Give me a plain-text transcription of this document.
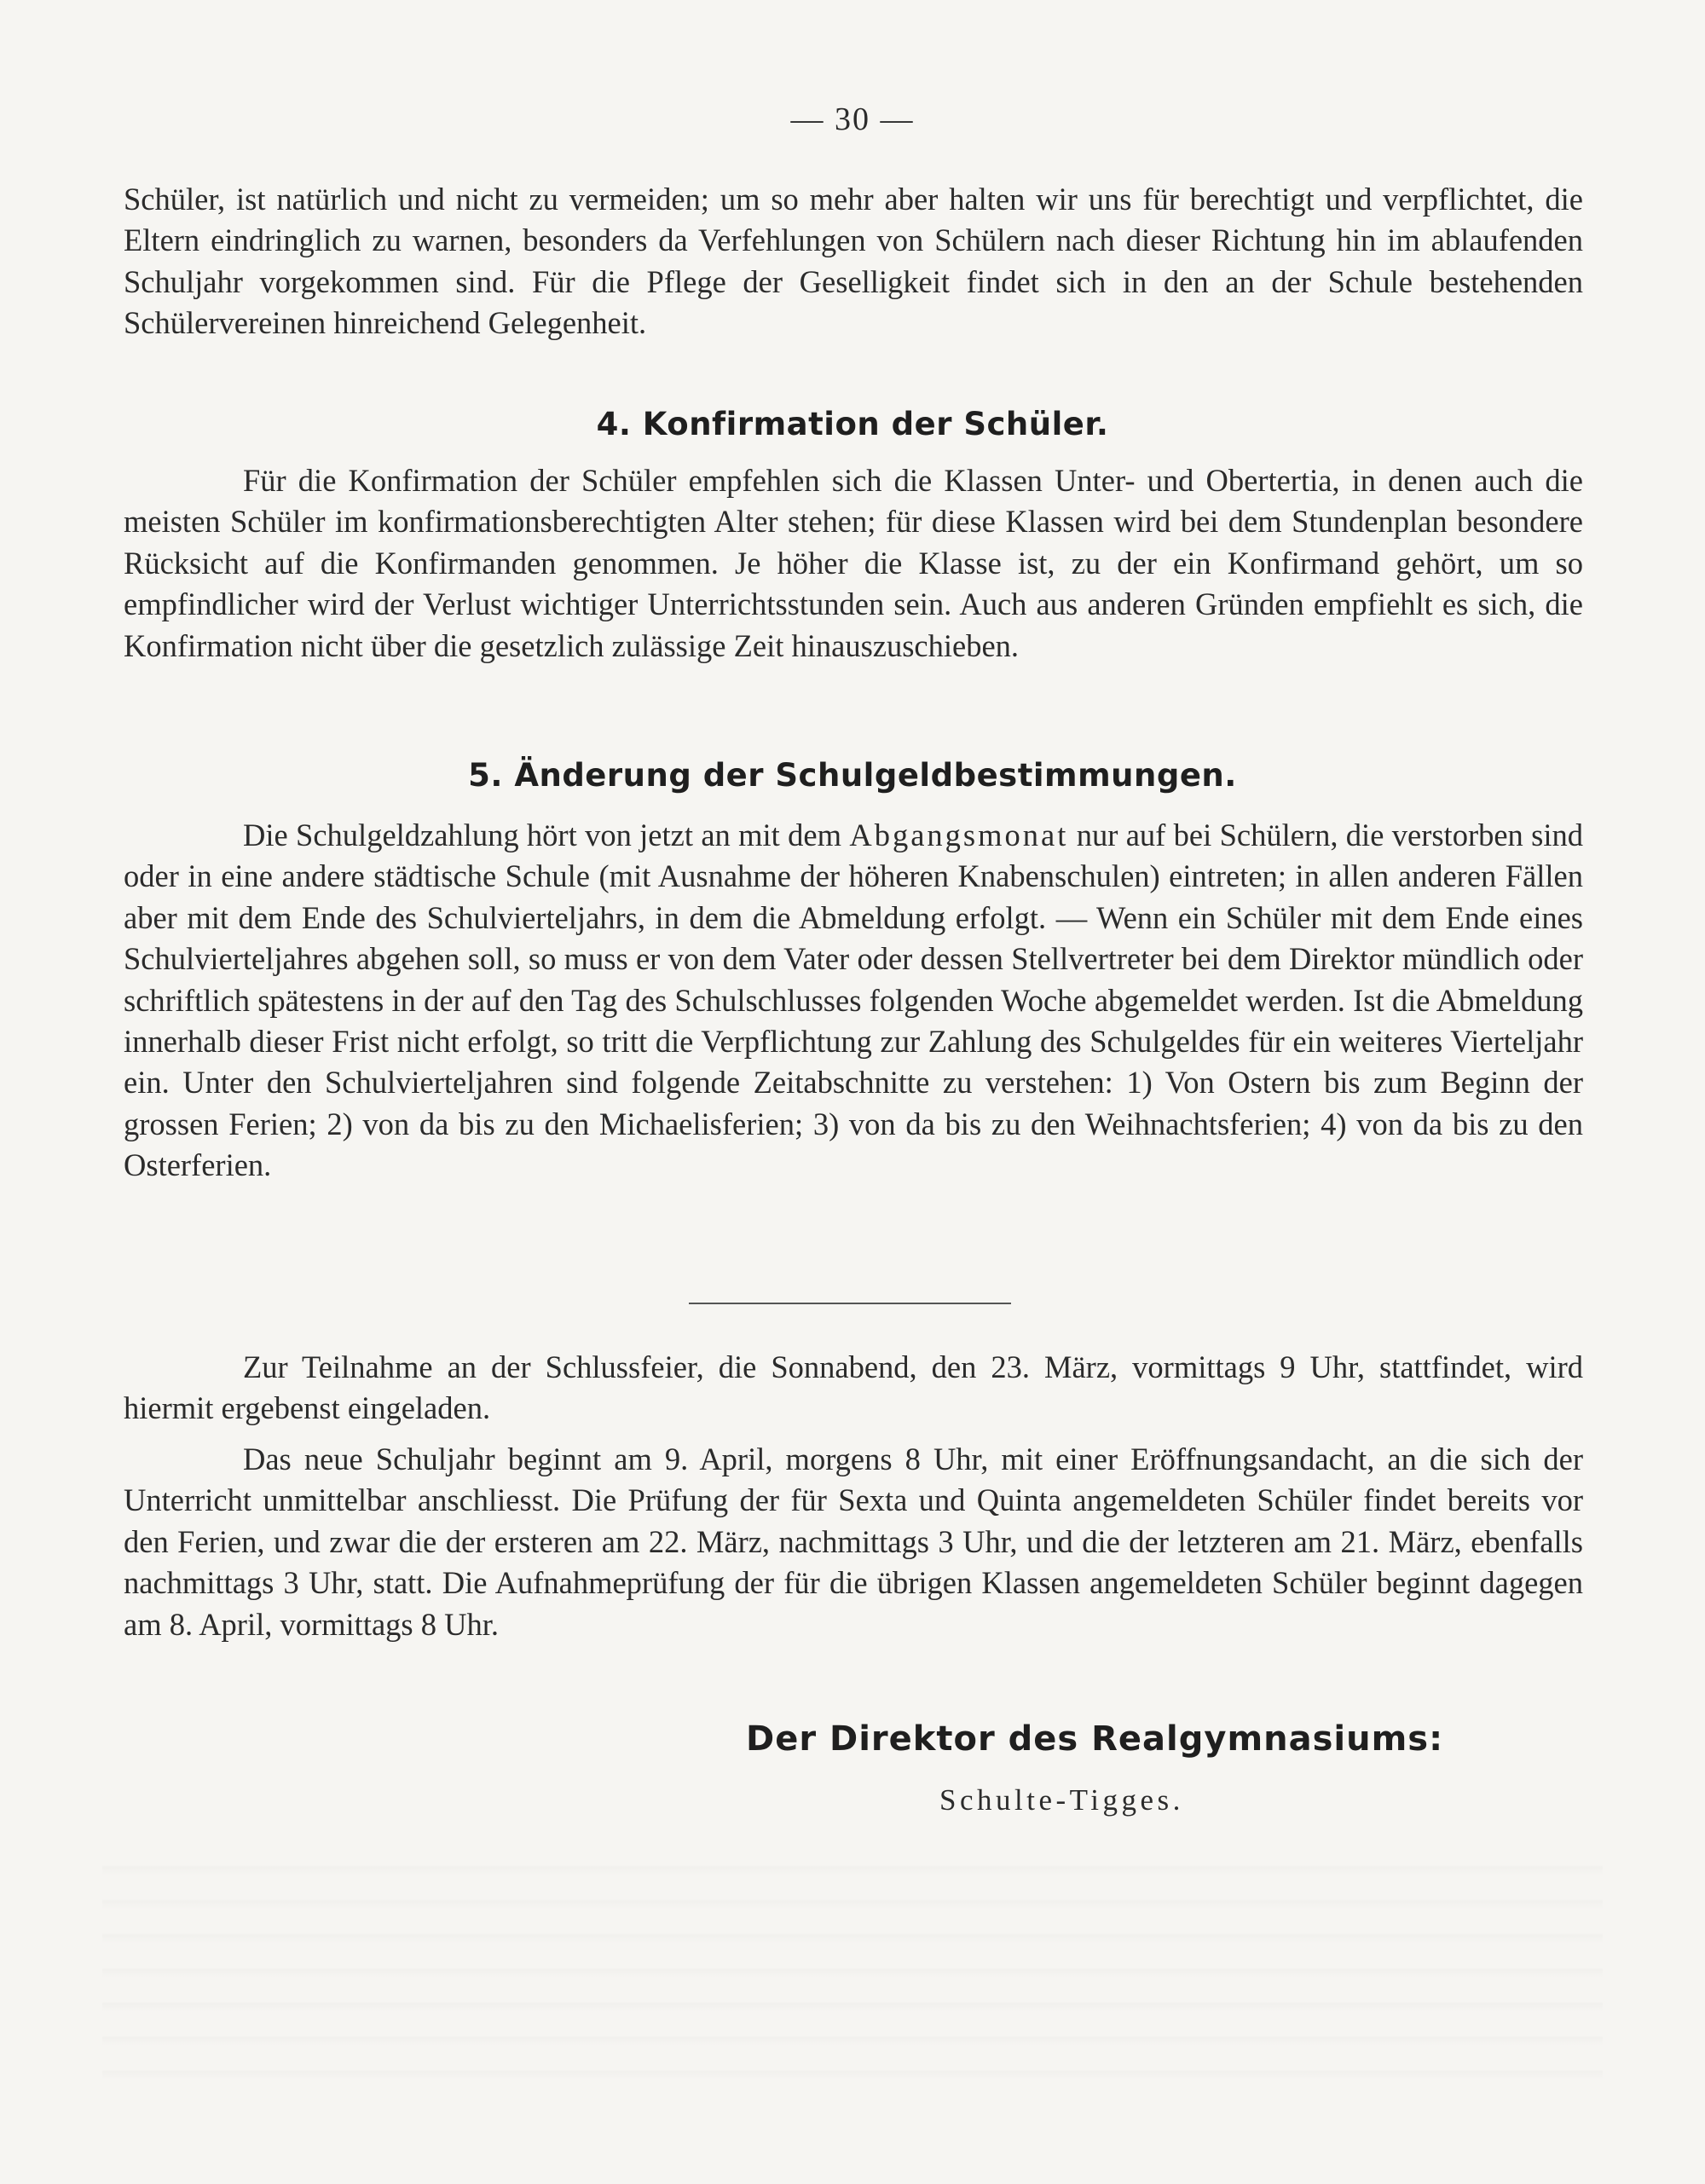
— 30 —

Schüler, ist natürlich und nicht zu vermeiden; um so mehr aber halten wir uns für berechtigt und verpflichtet, die Eltern eindringlich zu warnen, besonders da Verfehlungen von Schülern nach dieser Richtung hin im ablaufenden Schuljahr vorgekommen sind. Für die Pflege der Geselligkeit findet sich in den an der Schule bestehenden Schülervereinen hinreichend Gelegenheit.

4. Konfirmation der Schüler.

Für die Konfirmation der Schüler empfehlen sich die Klassen Unter- und Obertertia, in denen auch die meisten Schüler im konfirmationsberechtigten Alter stehen; für diese Klassen wird bei dem Stundenplan besondere Rücksicht auf die Konfirmanden genommen. Je höher die Klasse ist, zu der ein Konfirmand gehört, um so empfindlicher wird der Verlust wichtiger Unterrichtsstunden sein. Auch aus anderen Gründen empfiehlt es sich, die Konfirmation nicht über die gesetzlich zulässige Zeit hinauszuschieben.

5. Änderung der Schulgeldbestimmungen.

Die Schulgeldzahlung hört von jetzt an mit dem Abgangsmonat nur auf bei Schülern, die verstorben sind oder in eine andere städtische Schule (mit Ausnahme der höheren Knabenschulen) eintreten; in allen anderen Fällen aber mit dem Ende des Schulvierteljahrs, in dem die Abmeldung erfolgt. — Wenn ein Schüler mit dem Ende eines Schulvierteljahres abgehen soll, so muss er von dem Vater oder dessen Stellvertreter bei dem Direktor mündlich oder schriftlich spätestens in der auf den Tag des Schulschlusses folgenden Woche abgemeldet werden. Ist die Abmeldung innerhalb dieser Frist nicht erfolgt, so tritt die Verpflichtung zur Zahlung des Schulgeldes für ein weiteres Vierteljahr ein. Unter den Schulvierteljahren sind folgende Zeitabschnitte zu verstehen: 1) Von Ostern bis zum Beginn der grossen Ferien; 2) von da bis zu den Michaelisferien; 3) von da bis zu den Weihnachtsferien; 4) von da bis zu den Osterferien.

Zur Teilnahme an der Schlussfeier, die Sonnabend, den 23. März, vormittags 9 Uhr, stattfindet, wird hiermit ergebenst eingeladen.

Das neue Schuljahr beginnt am 9. April, morgens 8 Uhr, mit einer Eröffnungsandacht, an die sich der Unterricht unmittelbar anschliesst. Die Prüfung der für Sexta und Quinta angemeldeten Schüler findet bereits vor den Ferien, und zwar die der ersteren am 22. März, nachmittags 3 Uhr, und die der letzteren am 21. März, ebenfalls nachmittags 3 Uhr, statt. Die Aufnahmeprüfung der für die übrigen Klassen angemeldeten Schüler beginnt dagegen am 8. April, vormittags 8 Uhr.

Der Direktor des Realgymnasiums:
Schulte-Tigges.
